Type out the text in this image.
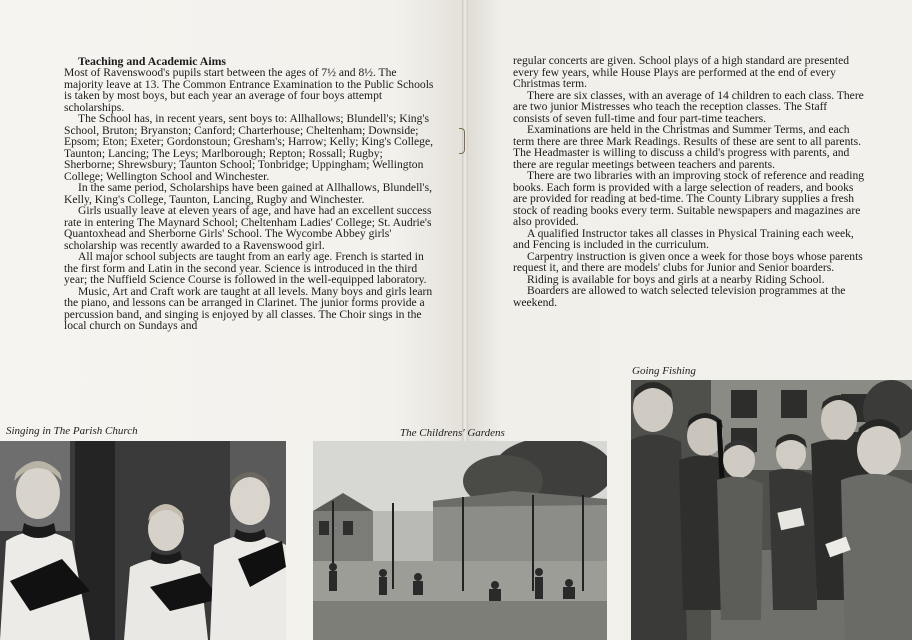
Teaching and Academic Aims

Most of Ravenswood's pupils start between the ages of 7½ and 8½. The majority leave at 13. The Common Entrance Examination to the Public Schools is taken by most boys, but each year an average of four boys attempt scholarships.

The School has, in recent years, sent boys to: Allhallows; Blundell's; King's School, Bruton; Bryanston; Canford; Charterhouse; Cheltenham; Downside; Epsom; Eton; Exeter; Gordonstoun; Gresham's; Harrow; Kelly; King's College, Taunton; Lancing; The Leys; Marlborough; Repton; Rossall; Rugby; Sherborne; Shrewsbury; Taunton School; Tonbridge; Uppingham; Wellington College; Wellington School and Winchester.

In the same period, Scholarships have been gained at Allhallows, Blundell's, Kelly, King's College, Taunton, Lancing, Rugby and Winchester.

Girls usually leave at eleven years of age, and have had an excellent success rate in entering The Maynard School; Cheltenham Ladies' College; St. Audrie's Quantoxhead and Sherborne Girls' School. The Wycombe Abbey girls' scholarship was recently awarded to a Ravenswood girl.

All major school subjects are taught from an early age. French is started in the first form and Latin in the second year. Science is introduced in the third year; the Nuffield Science Course is followed in the well-equipped laboratory.

Music, Art and Craft work are taught at all levels. Many boys and girls learn the piano, and lessons can be arranged in Clarinet. The junior forms provide a percussion band, and singing is enjoyed by all classes. The Choir sings in the local church on Sundays and

regular concerts are given. School plays of a high standard are presented every few years, while House Plays are performed at the end of every Christmas term.

There are six classes, with an average of 14 children to each class. There are two junior Mistresses who teach the reception classes. The Staff consists of seven full-time and four part-time teachers.

Examinations are held in the Christmas and Summer Terms, and each term there are three Mark Readings. Results of these are sent to all parents. The Headmaster is willing to discuss a child's progress with parents, and there are regular meetings between teachers and parents.

There are two libraries with an improving stock of reference and reading books. Each form is provided with a large selection of readers, and books are provided for reading at bed-time. The County Library supplies a fresh stock of reading books every term. Suitable newspapers and magazines are also provided.

A qualified Instructor takes all classes in Physical Training each week, and Fencing is included in the curriculum.

Carpentry instruction is given once a week for those boys whose parents request it, and there are models' clubs for Junior and Senior boarders.

Riding is available for boys and girls at a nearby Riding School.

Boarders are allowed to watch selected television programmes at the weekend.

Singing in The Parish Church	The Childrens' Gardens
Going Fishing
